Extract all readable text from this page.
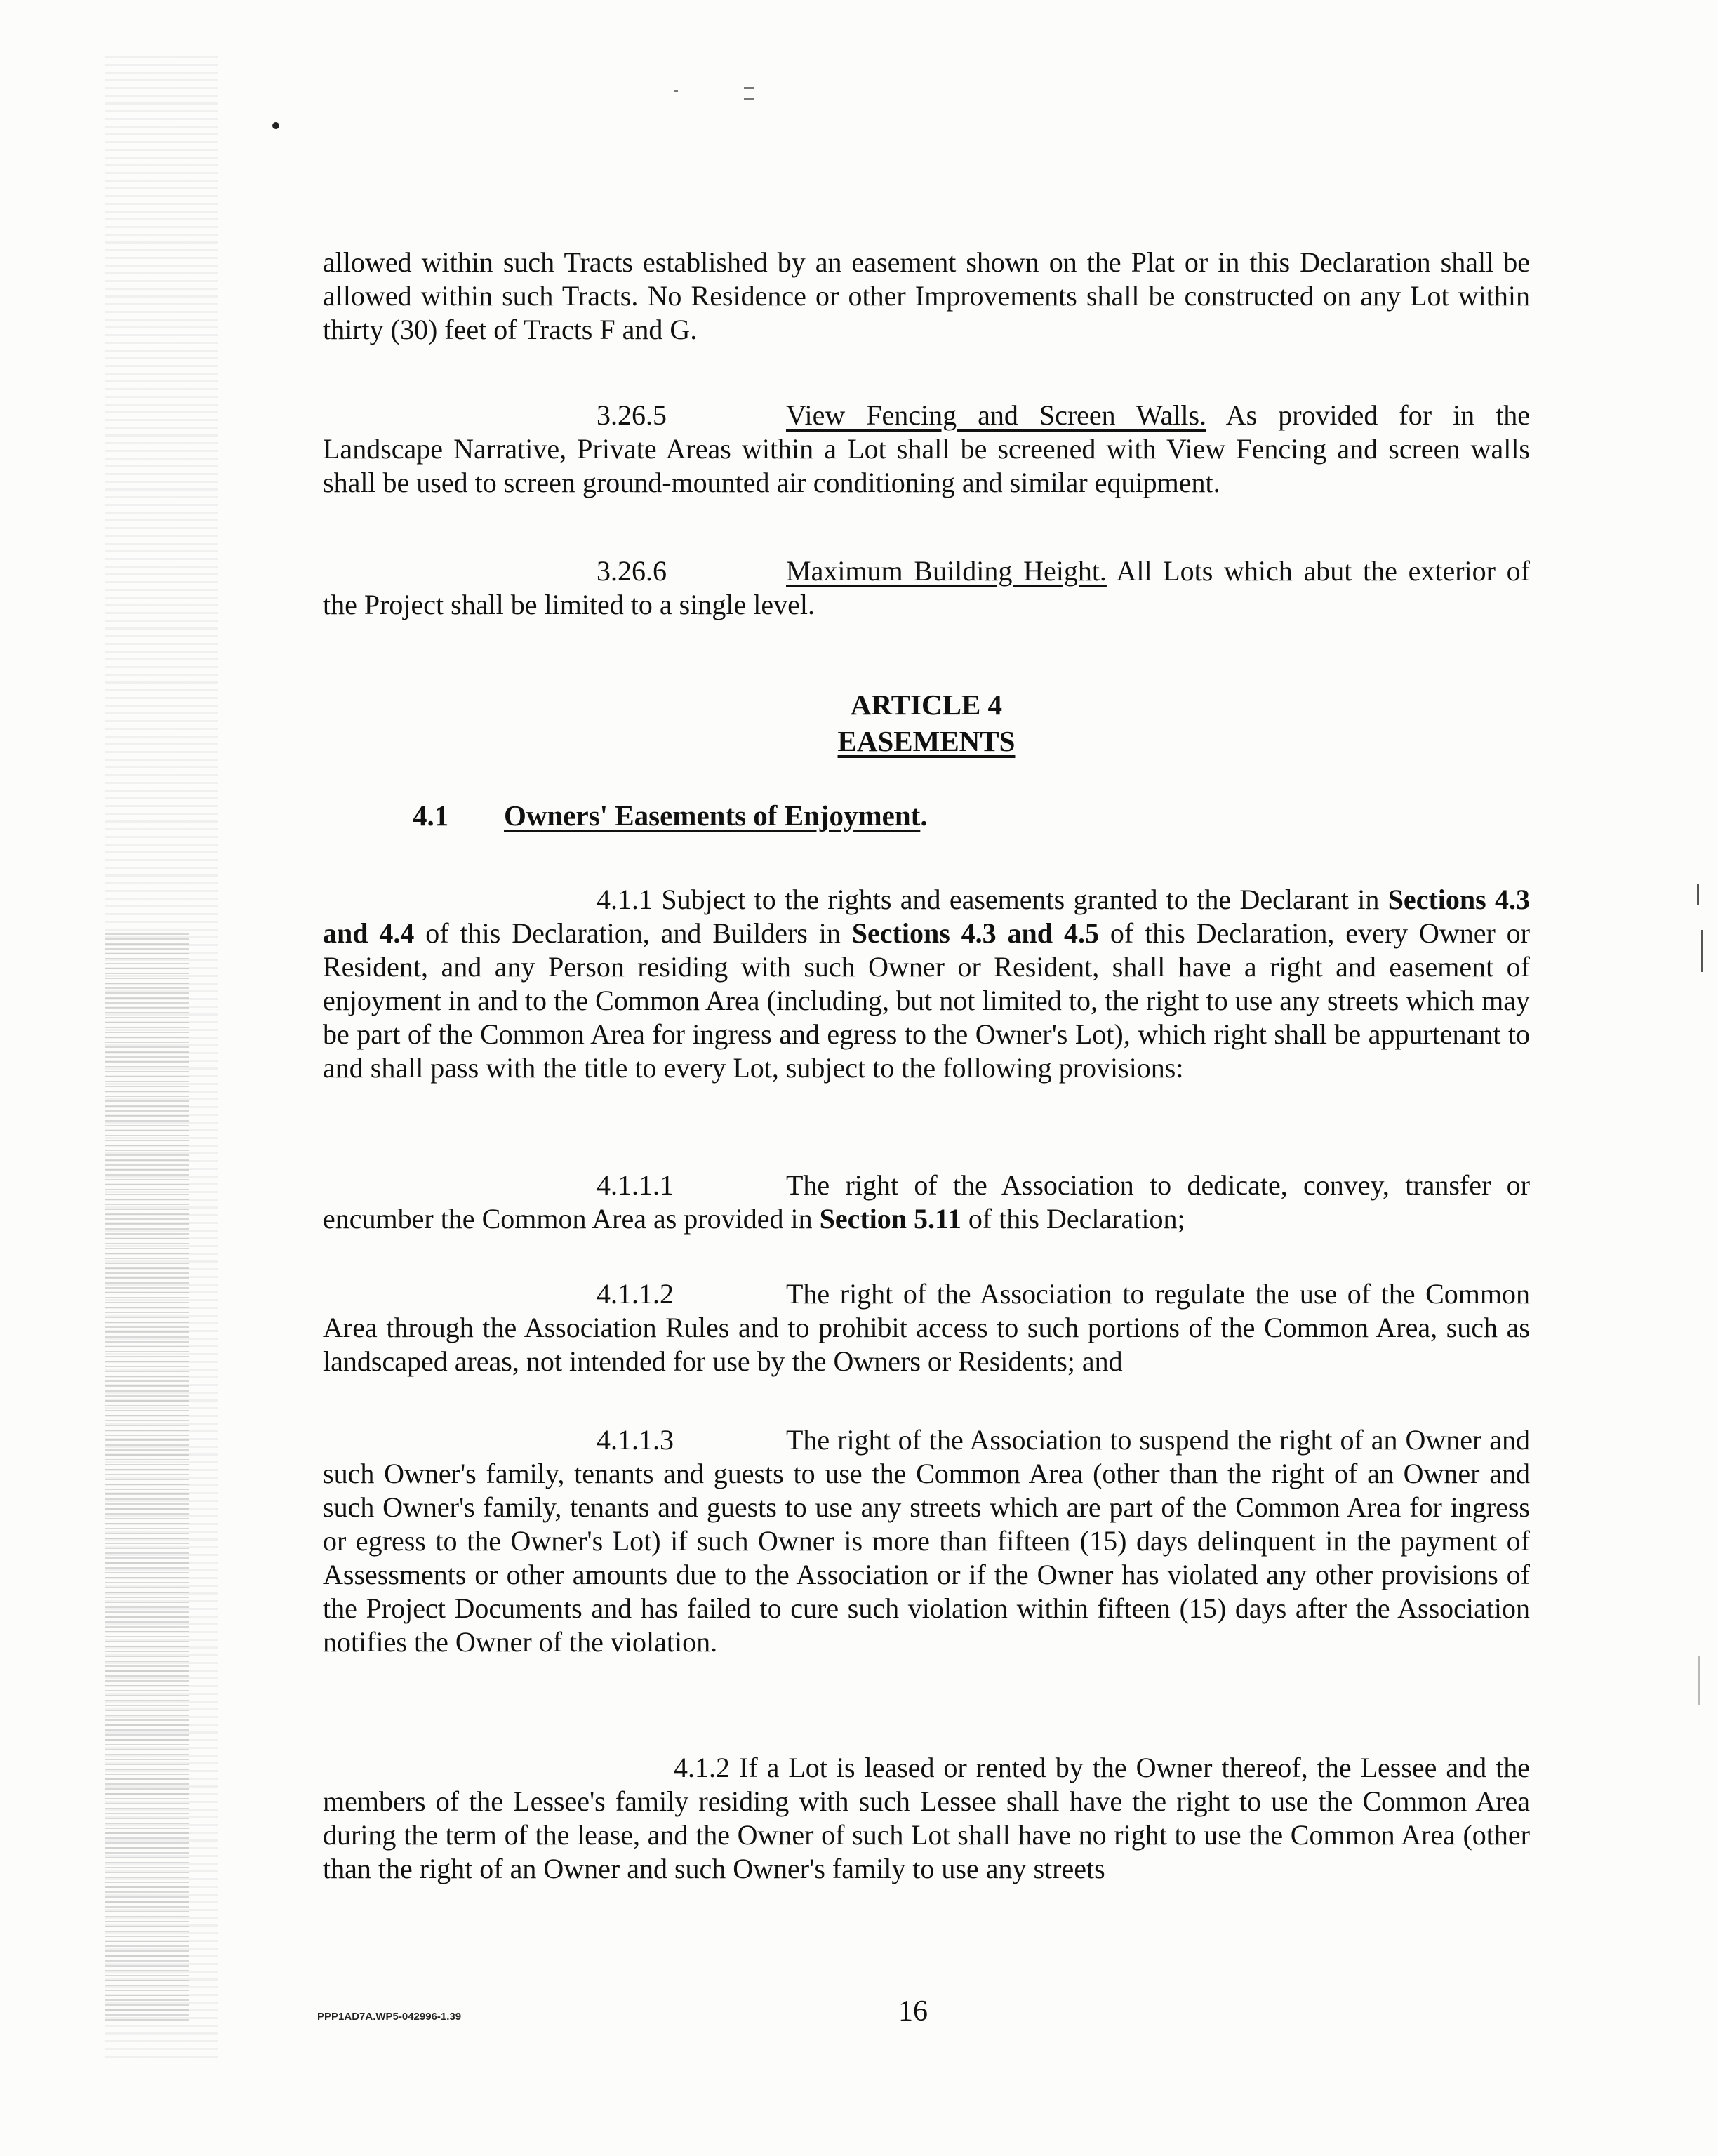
allowed within such Tracts established by an easement shown on the Plat or in this Declaration shall be allowed within such Tracts. No Residence or other Improvements shall be constructed on any Lot within thirty (30) feet of Tracts F and G.

3.26.5	View Fencing and Screen Walls. As provided for in the Landscape Narrative, Private Areas within a Lot shall be screened with View Fencing and screen walls shall be used to screen ground-mounted air conditioning and similar equipment.

3.26.6	Maximum Building Height. All Lots which abut the exterior of the Project shall be limited to a single level.

ARTICLE 4
EASEMENTS
4.1 Owners' Easements of Enjoyment.

4.1.1 Subject to the rights and easements granted to the Declarant in Sections 4.3 and 4.4 of this Declaration, and Builders in Sections 4.3 and 4.5 of this Declaration, every Owner or Resident, and any Person residing with such Owner or Resident, shall have a right and easement of enjoyment in and to the Common Area (including, but not limited to, the right to use any streets which may be part of the Common Area for ingress and egress to the Owner's Lot), which right shall be appurtenant to and shall pass with the title to every Lot, subject to the following provisions:

4.1.1.1	The right of the Association to dedicate, convey, transfer or encumber the Common Area as provided in Section 5.11 of this Declaration;

4.1.1.2	The right of the Association to regulate the use of the Common Area through the Association Rules and to prohibit access to such portions of the Common Area, such as landscaped areas, not intended for use by the Owners or Residents; and

4.1.1.3	The right of the Association to suspend the right of an Owner and such Owner's family, tenants and guests to use the Common Area (other than the right of an Owner and such Owner's family, tenants and guests to use any streets which are part of the Common Area for ingress or egress to the Owner's Lot) if such Owner is more than fifteen (15) days delinquent in the payment of Assessments or other amounts due to the Association or if the Owner has violated any other provisions of the Project Documents and has failed to cure such violation within fifteen (15) days after the Association notifies the Owner of the violation.

4.1.2 If a Lot is leased or rented by the Owner thereof, the Lessee and the members of the Lessee's family residing with such Lessee shall have the right to use the Common Area during the term of the lease, and the Owner of such Lot shall have no right to use the Common Area (other than the right of an Owner and such Owner's family to use any streets

PPP1AD7A.WP5-042996-1.39	16
